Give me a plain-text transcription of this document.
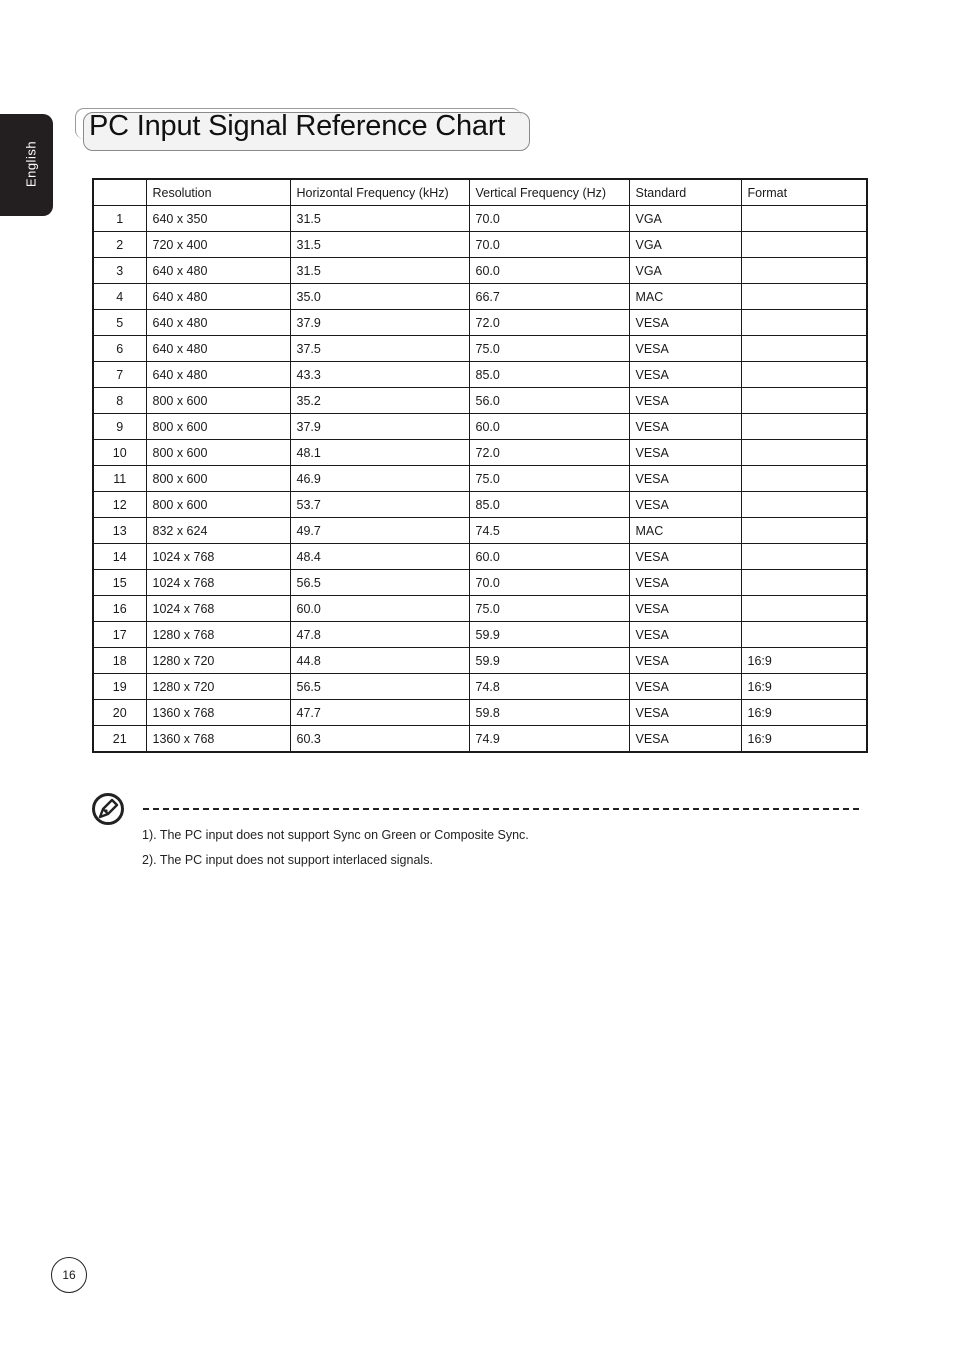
English
PC Input Signal Reference Chart
	Resolution	Horizontal Frequency (kHz)	Vertical Frequency (Hz)	Standard	Format
1	640 x 350	31.5	70.0	VGA	
2	720 x 400	31.5	70.0	VGA	
3	640 x 480	31.5	60.0	VGA	
4	640 x 480	35.0	66.7	MAC	
5	640 x 480	37.9	72.0	VESA	
6	640 x 480	37.5	75.0	VESA	
7	640 x 480	43.3	85.0	VESA	
8	800 x 600	35.2	56.0	VESA	
9	800 x 600	37.9	60.0	VESA	
10	800 x 600	48.1	72.0	VESA	
11	800 x 600	46.9	75.0	VESA	
12	800 x 600	53.7	85.0	VESA	
13	832 x 624	49.7	74.5	MAC	
14	1024 x 768	48.4	60.0	VESA	
15	1024 x 768	56.5	70.0	VESA	
16	1024 x 768	60.0	75.0	VESA	
17	1280 x 768	47.8	59.9	VESA	
18	1280 x 720	44.8	59.9	VESA	16:9
19	1280 x 720	56.5	74.8	VESA	16:9
20	1360 x 768	47.7	59.8	VESA	16:9
21	1360 x 768	60.3	74.9	VESA	16:9
1). The PC input does not support Sync on Green or Composite Sync.
2). The PC input does not support interlaced signals.
16
